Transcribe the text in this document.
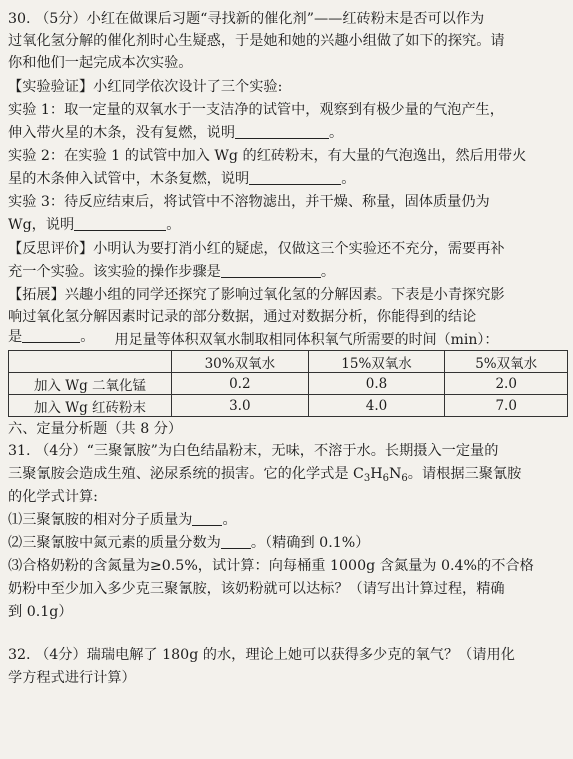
30. （5分）小红在做课后习题“寻找新的催化剂”——红砖粉末是否可以作为
过氧化氢分解的催化剂时心生疑惑，于是她和她的兴趣小组做了如下的探究。请
你和他们一起完成本次实验。
【实验验证】小红同学依次设计了三个实验:
实验 1：取一定量的双氧水于一支洁净的试管中，观察到有极少量的气泡产生，
伸入带火星的木条，没有复燃，说明	。
实验 2：在实验 1 的试管中加入 Wg 的红砖粉末，有大量的气泡逸出，然后用带火
星的木条伸入试管中，木条复燃，说明	。
实验 3：待反应结束后，将试管中不溶物滤出，并干燥、称量，固体质量仍为
Wg，说明	。
【反思评价】小明认为要打消小红的疑虑，仅做这三个实验还不充分，需要再补
充一个实验。该实验的操作步骤是	。
【拓展】兴趣小组的同学还探究了影响过氧化氢的分解因素。下表是小青探究影
响过氧化氢分解因素时记录的部分数据，通过对数据分析，你能得到的结论
是	。	用足量等体积双氧水制取相同体积氧气所需要的时间（min）：
	30%双氧水	15%双氧水	5%双氧水
加入 Wg 二氧化锰	0.2	0.8	2.0
加入 Wg 红砖粉末	3.0	4.0	7.0
六、定量分析题（共 8 分）
31. （4分）“三聚氰胺”为白色结晶粉末，无味，不溶于水。长期摄入一定量的
三聚氰胺会造成生殖、泌尿系统的损害。它的化学式是 $C_3H_6N_6$。请根据三聚氰胺
的化学式计算:
⑴三聚氰胺的相对分子质量为 。
⑵三聚氰胺中氮元素的质量分数为 。（精确到 0.1%）
⑶合格奶粉的含氮量为≥0.5%，试计算：向每桶重 1000g 含氮量为 0.4%的不合格
奶粉中至少加入多少克三聚氰胺，该奶粉就可以达标？（请写出计算过程，精确
到 0.1g）
32. （4分）瑞瑞电解了 180g 的水，理论上她可以获得多少克的氧气？（请用化
学方程式进行计算）
